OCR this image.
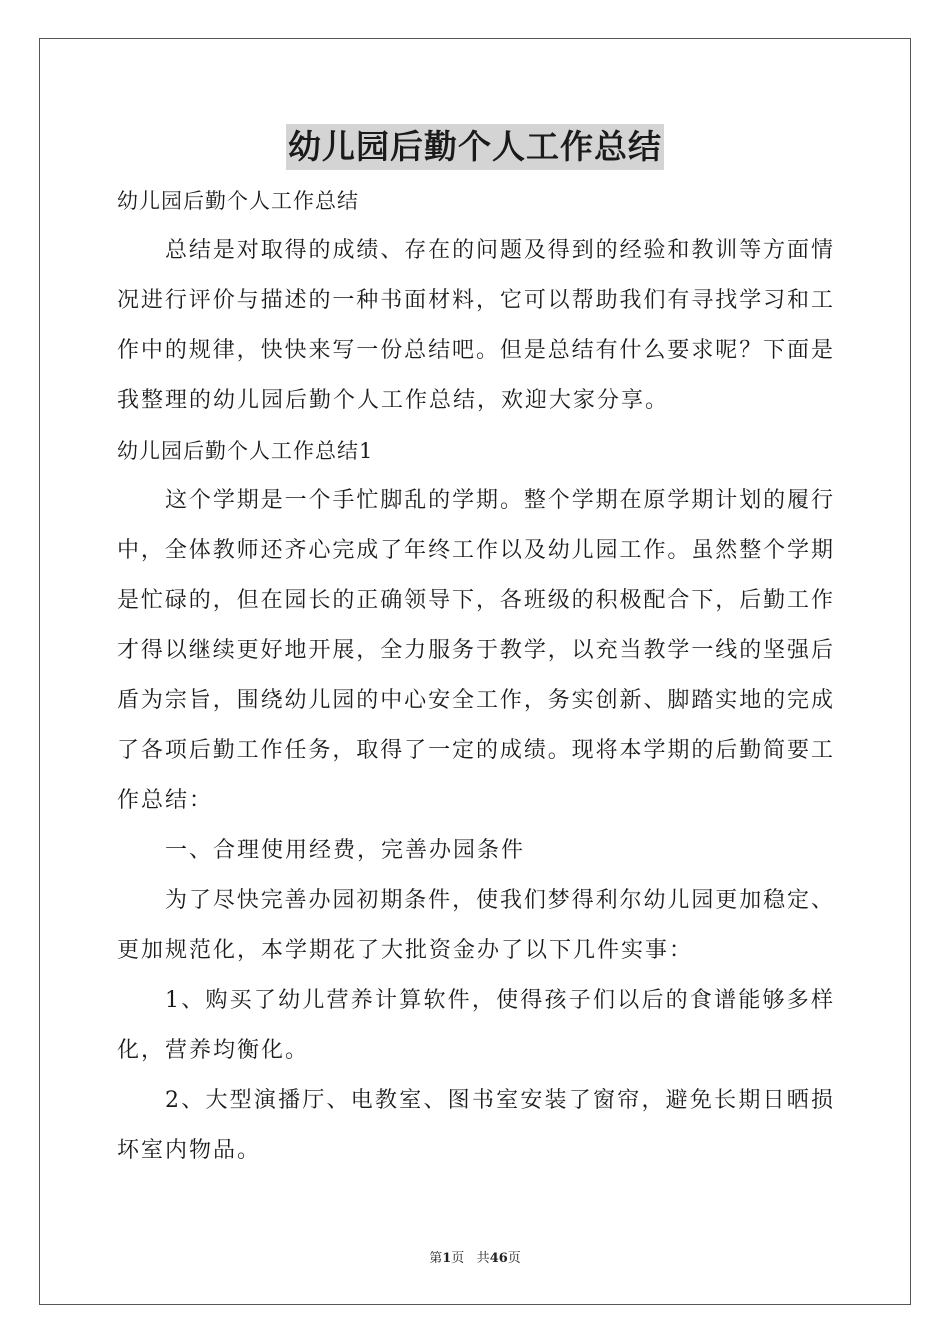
幼儿园后勤个人工作总结
幼儿园后勤个人工作总结
总结是对取得的成绩、存在的问题及得到的经验和教训等方面情
况进行评价与描述的一种书面材料，它可以帮助我们有寻找学习和工
作中的规律，快快来写一份总结吧。但是总结有什么要求呢？下面是
我整理的幼儿园后勤个人工作总结，欢迎大家分享。
幼儿园后勤个人工作总结1
这个学期是一个手忙脚乱的学期。整个学期在原学期计划的履行
中，全体教师还齐心完成了年终工作以及幼儿园工作。虽然整个学期
是忙碌的，但在园长的正确领导下，各班级的积极配合下，后勤工作
才得以继续更好地开展，全力服务于教学，以充当教学一线的坚强后
盾为宗旨，围绕幼儿园的中心安全工作，务实创新、脚踏实地的完成
了各项后勤工作任务，取得了一定的成绩。现将本学期的后勤简要工
作总结：
一、合理使用经费，完善办园条件
为了尽快完善办园初期条件，使我们梦得利尔幼儿园更加稳定、
更加规范化，本学期花了大批资金办了以下几件实事：
1、购买了幼儿营养计算软件，使得孩子们以后的食谱能够多样
化，营养均衡化。
2、大型演播厅、电教室、图书室安装了窗帘，避免长期日晒损
坏室内物品。
第1页 共46页
